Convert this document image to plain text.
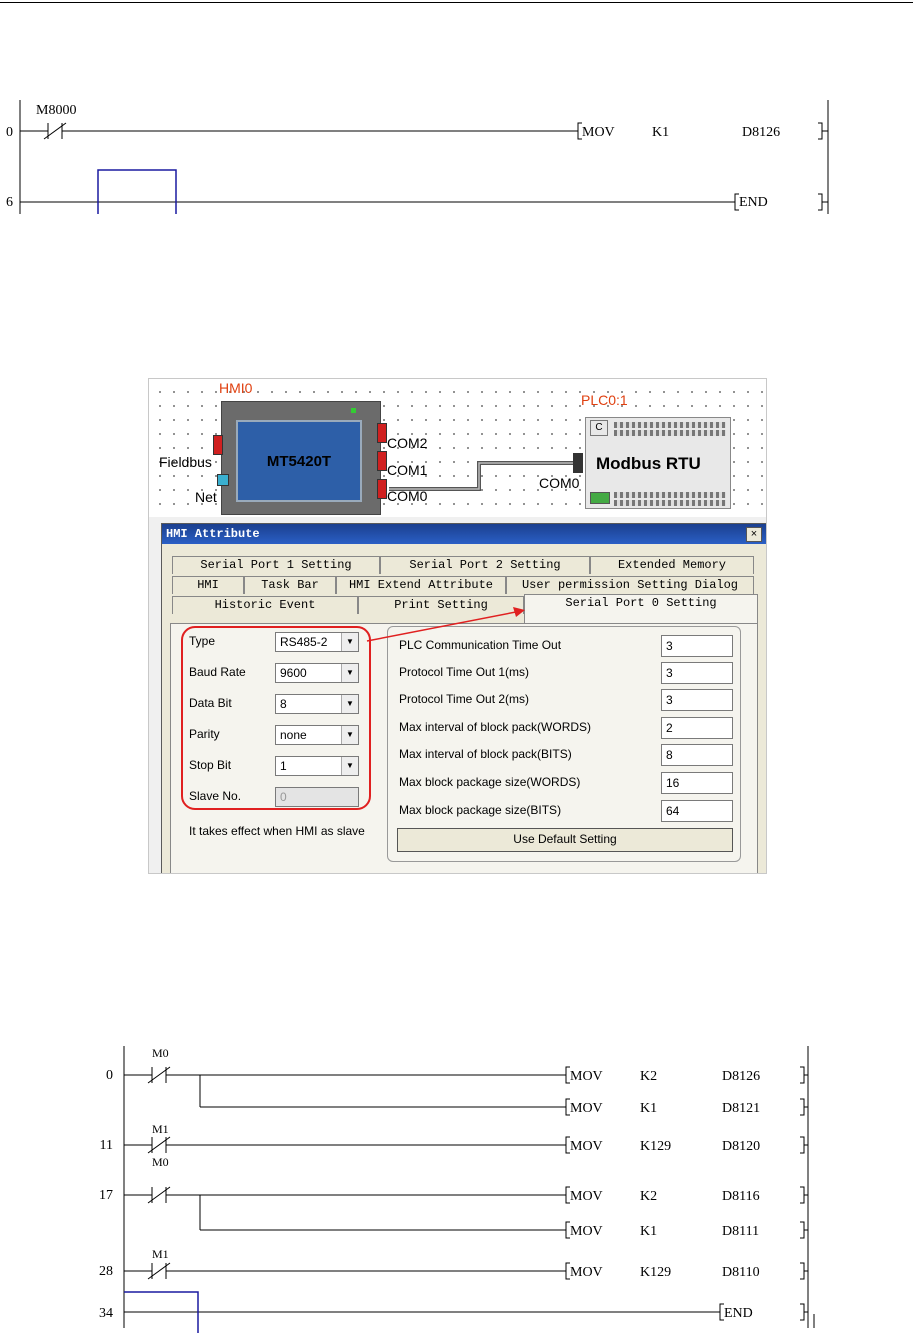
0
6
M8000
MOV	K1	D8126
END
HMI0
MT5420T
Fieldbus
Net
COM2
COM1
COM0
PLC0:1
C
Modbus RTU
COM0
HMI Attribute	×
Serial Port 1 Setting	Serial Port 2 Setting	Extended Memory
HMI	Task Bar	HMI Extend Attribute	User permission Setting Dialog
Historic Event	Print Setting	Serial Port 0 Setting
Type	RS485-2	▼
Baud Rate	9600	▼
Data Bit	8	▼
Parity	none	▼
Stop Bit	1	▼
Slave No.	0
It takes effect when HMI as slave
PLC Communication Time Out	3
Protocol Time Out 1(ms)	3
Protocol Time Out 2(ms)	3
Max interval of block pack(WORDS)	2
Max interval of block pack(BITS)	8
Max block package size(WORDS)	16
Max block package size(BITS)	64
Use Default Setting
0
11
17
28
34
M0
M1
M0
M1
MOV	K2	D8126
MOV	K1	D8121
MOV	K129	D8120
MOV	K2	D8116
MOV	K1	D8111
MOV	K129	D8110
END
